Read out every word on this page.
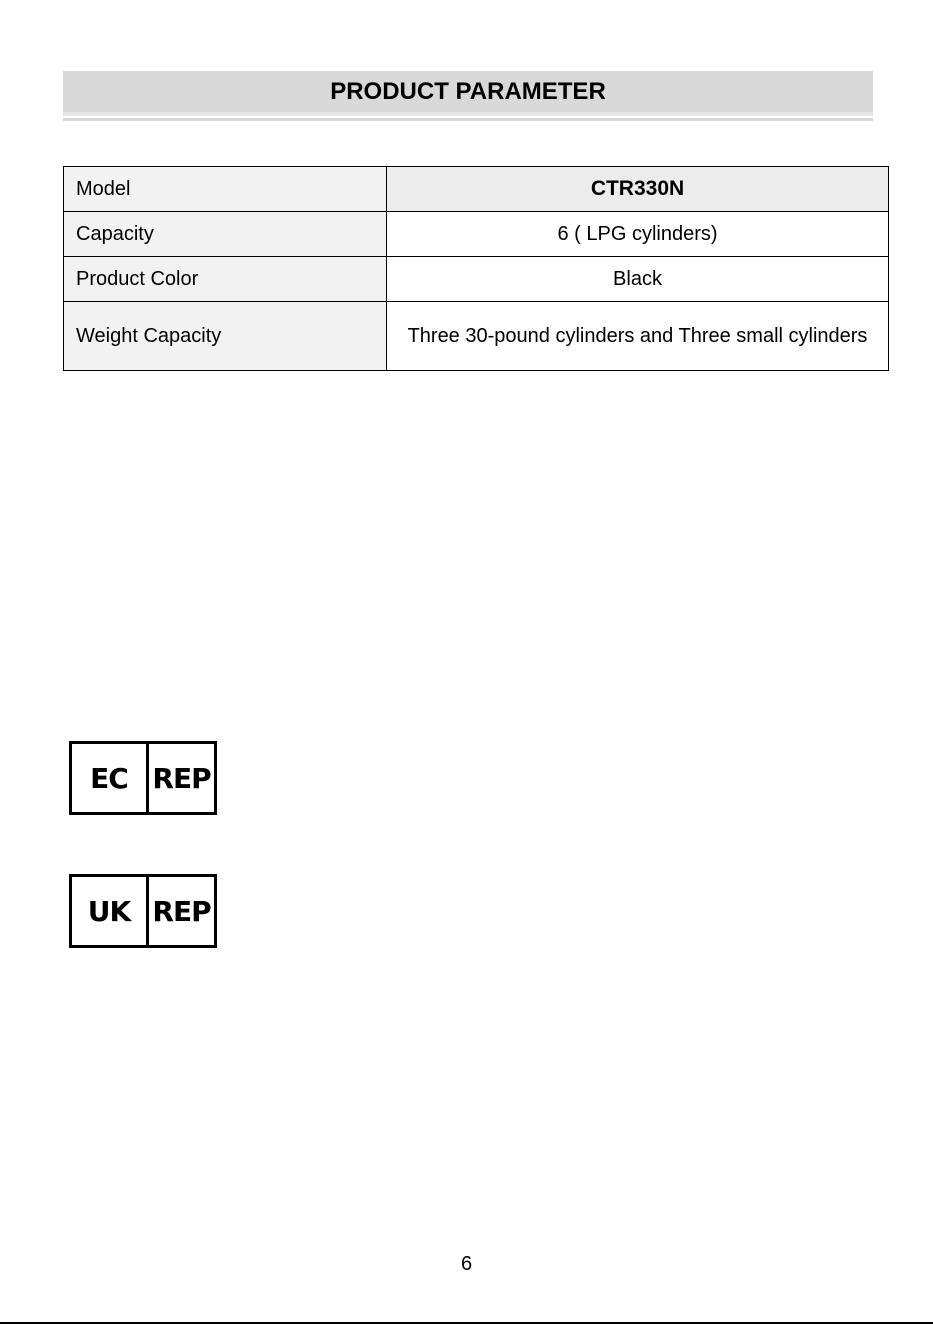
PRODUCT PARAMETER
Model	CTR330N
Capacity	6 ( LPG cylinders)
Product Color	Black
Weight Capacity	Three 30-pound cylinders and Three small cylinders
EC REP
UK REP
6
